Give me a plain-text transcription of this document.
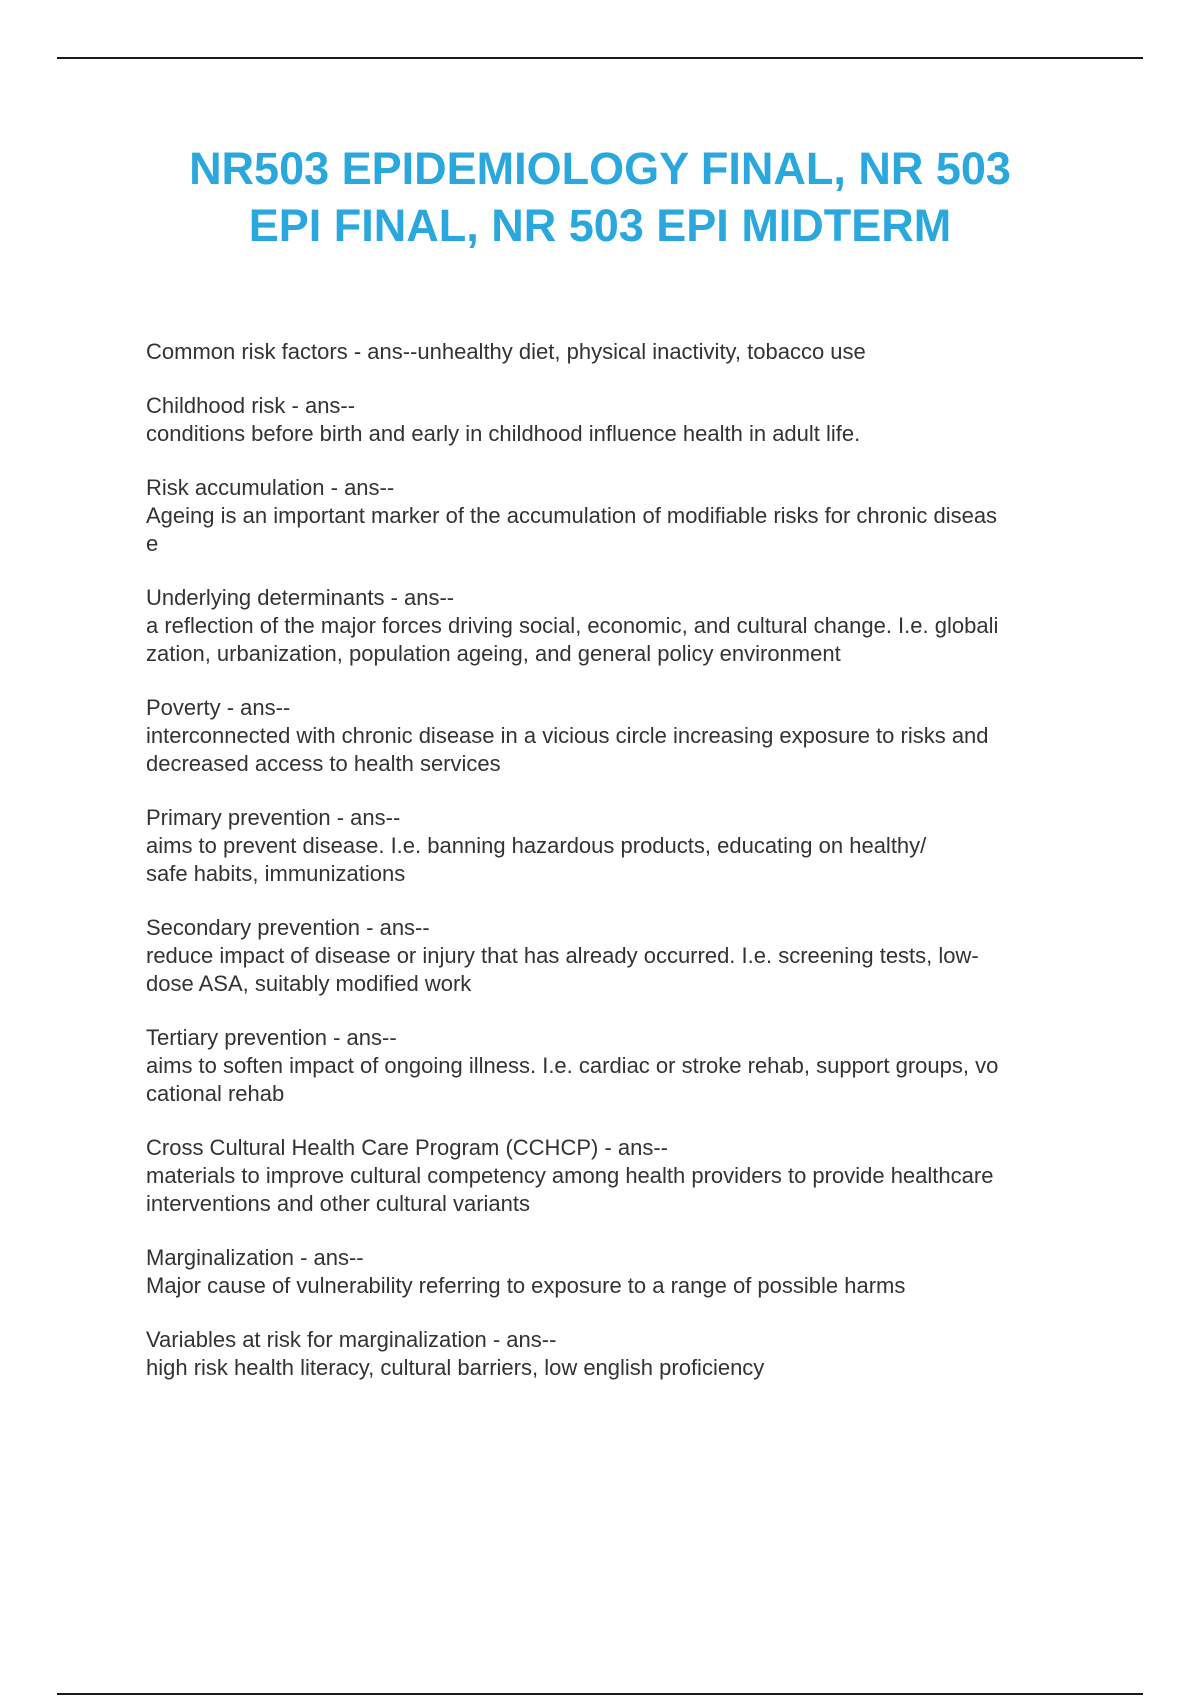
NR503 EPIDEMIOLOGY FINAL, NR 503
EPI FINAL, NR 503 EPI MIDTERM
Common risk factors - ans--unhealthy diet, physical inactivity, tobacco use
Childhood risk - ans--
conditions before birth and early in childhood influence health in adult life.
Risk accumulation - ans--
Ageing is an important marker of the accumulation of modifiable risks for chronic diseas
e
Underlying determinants - ans--
a reflection of the major forces driving social, economic, and cultural change. I.e. globali
zation, urbanization, population ageing, and general policy environment
Poverty - ans--
interconnected with chronic disease in a vicious circle increasing exposure to risks and
decreased access to health services
Primary prevention - ans--
aims to prevent disease. I.e. banning hazardous products, educating on healthy/
safe habits, immunizations
Secondary prevention - ans--
reduce impact of disease or injury that has already occurred. I.e. screening tests, low-
dose ASA, suitably modified work
Tertiary prevention - ans--
aims to soften impact of ongoing illness. I.e. cardiac or stroke rehab, support groups, vo
cational rehab
Cross Cultural Health Care Program (CCHCP) - ans--
materials to improve cultural competency among health providers to provide healthcare
interventions and other cultural variants
Marginalization - ans--
Major cause of vulnerability referring to exposure to a range of possible harms
Variables at risk for marginalization - ans--
high risk health literacy, cultural barriers, low english proficiency
